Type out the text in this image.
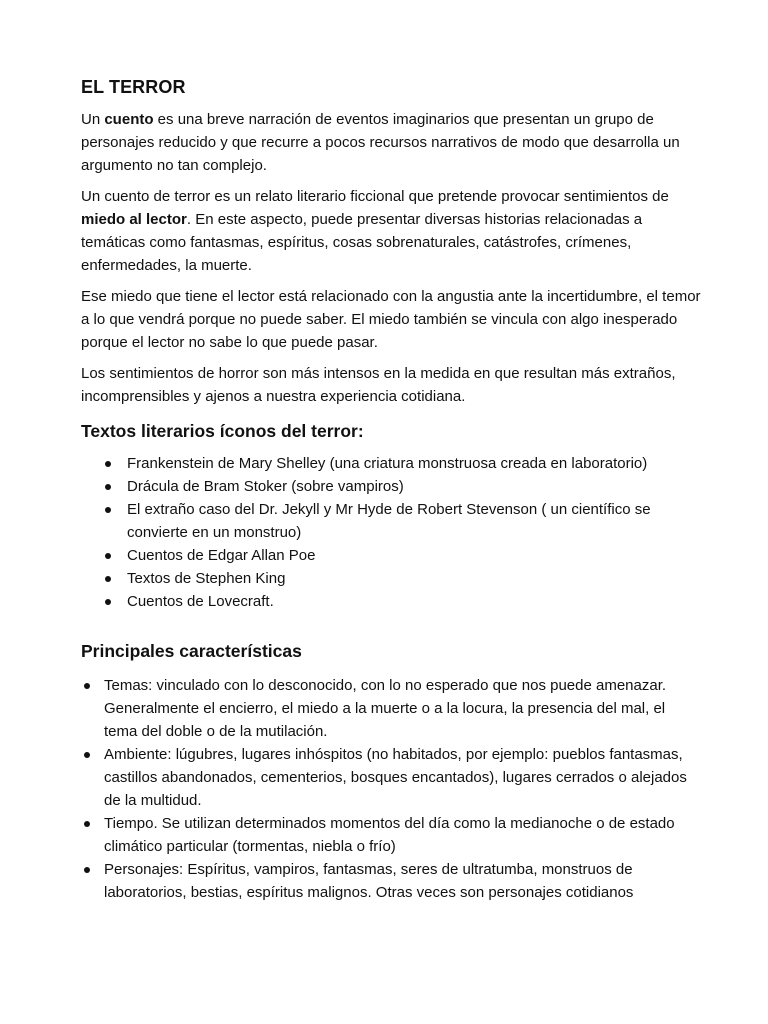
EL TERROR

Un cuento es una breve narración de eventos imaginarios que presentan un grupo de personajes reducido y que recurre a pocos recursos narrativos de modo que desarrolla un argumento no tan complejo.

Un cuento de terror es un relato literario ficcional que pretende provocar sentimientos de miedo al lector. En este aspecto, puede presentar diversas historias relacionadas a temáticas como fantasmas, espíritus, cosas sobrenaturales, catástrofes, crímenes, enfermedades, la muerte.

Ese miedo que tiene el lector está relacionado con la angustia ante la incertidumbre, el temor a lo que vendrá porque no puede saber. El miedo también se vincula con algo inesperado porque el lector no sabe lo que puede pasar.

Los sentimientos de horror son más intensos en la medida en que resultan más extraños, incomprensibles y ajenos a nuestra experiencia cotidiana.

Textos literarios íconos del terror:
Frankenstein de Mary Shelley (una criatura monstruosa creada en laboratorio)
Drácula de Bram Stoker (sobre vampiros)
El extraño caso del Dr. Jekyll y Mr Hyde de Robert Stevenson ( un científico se convierte en un monstruo)
Cuentos de Edgar Allan Poe
Textos de Stephen King
Cuentos de Lovecraft.
Principales características
Temas: vinculado con lo desconocido, con lo no esperado que nos puede amenazar. Generalmente el encierro, el miedo a la muerte o a la locura, la presencia del mal, el tema del doble o de la mutilación.
Ambiente: lúgubres, lugares inhóspitos (no habitados, por ejemplo: pueblos fantasmas, castillos abandonados, cementerios, bosques encantados), lugares cerrados o alejados de la multidud.
Tiempo. Se utilizan determinados momentos del día como la medianoche o de estado climático particular (tormentas, niebla o frío)
Personajes: Espíritus, vampiros, fantasmas, seres de ultratumba, monstruos de laboratorios, bestias, espíritus malignos. Otras veces son personajes cotidianos
